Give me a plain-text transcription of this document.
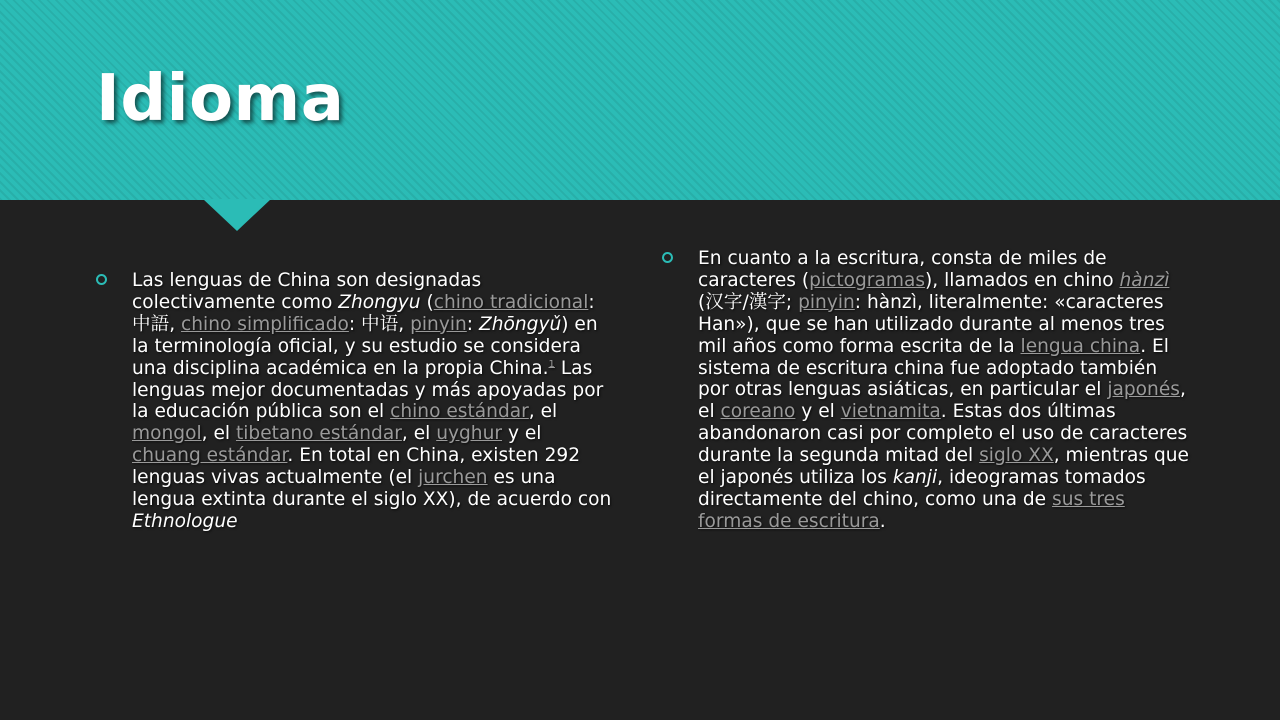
Idioma
Las lenguas de China son designadas colectivamente como Zhongyu (chino tradicional: 中語, chino simplificado: 中语, pinyin: Zhōngyǔ) en la terminología oficial, y su estudio se considera una disciplina académica en la propia China.$^1$ Las lenguas mejor documentadas y más apoyadas por la educación pública son el chino estándar, el mongol, el tibetano estándar, el uyghur y el chuang estándar. En total en China, existen 292 lenguas vivas actualmente (el jurchen es una lengua extinta durante el siglo XX), de acuerdo con Ethnologue
En cuanto a la escritura, consta de miles de caracteres (pictogramas), llamados en chino hànzì (汉字/漢字; pinyin: hànzì, literalmente: «caracteres Han»), que se han utilizado durante al menos tres mil años como forma escrita de la lengua china. El sistema de escritura china fue adoptado también por otras lenguas asiáticas, en particular el japonés, el coreano y el vietnamita. Estas dos últimas abandonaron casi por completo el uso de caracteres durante la segunda mitad del siglo XX, mientras que el japonés utiliza los kanji, ideogramas tomados directamente del chino, como una de sus tres formas de escritura.
